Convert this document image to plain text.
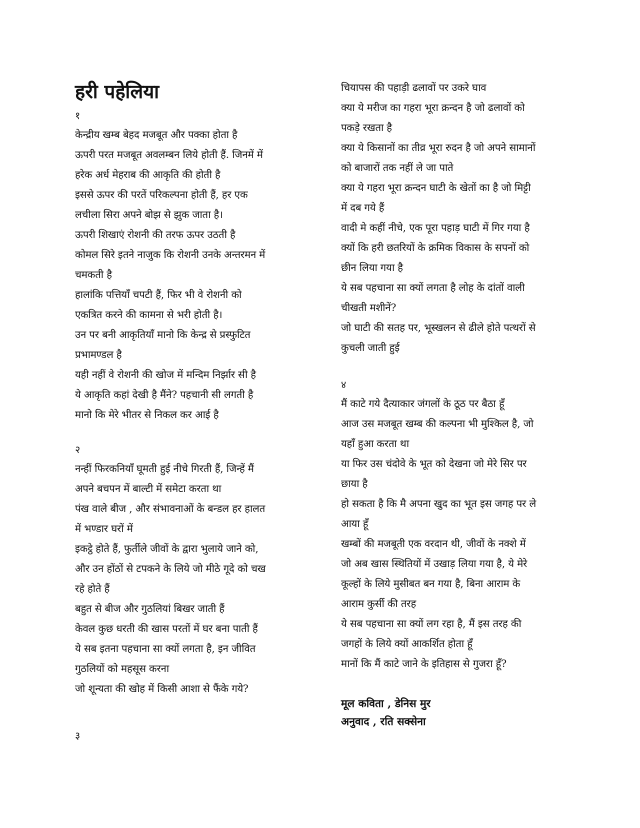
हरी पहेलिया
१
केन्द्रीय खम्ब बेहद मजबूत और पक्का होता है
ऊपरी परत मजबूत अवलम्बन लिये होती हैं. जिनमें में
हरेक अर्ध मेहराब की आकृति की होती है
इससे ऊपर की परतें परिकल्पना होती हैं, हर एक
लचीला सिरा अपने बोझ से झुक जाता है।
ऊपरी शिखाएं रोशनी की तरफ ऊपर उठती है
कोमल सिरे इतने नाजुक कि रोशनी उनके अन्तरमन में
चमकती है
हालांकि पत्तियाँ चपटी हैं, फिर भी वे रोशनी को
एकत्रित करने की कामना से भरी होती है।
उन पर बनी आकृतियाँ मानो कि केन्द्र से प्रस्फुटित
प्रभामण्डल है
यही नहीं वे रोशनी की खोज में मन्दिम निर्झार सी है
ये आकृति कहां देखी है मैंने? पहचानी सी लगती है
मानो कि मेरे भीतर से निकल कर आई है
२
नन्हीं फिरकनियाँ घूमती हुई नीचे गिरती हैं, जिन्हें मैं
अपने बचपन में बाल्टी में समेटा करता था
पंख वाले बीज , और संभावनाओं के बन्डल हर हालत
में भण्डार घरों में
इकट्ठे होते हैं, फुर्तीले जीवों के द्वारा भुलाये जाने को,
और उन होंठों से टपकने के लिये जो मीठे गूदे को चख
रहे होते हैं
बहुत से बीज और गुठलियां बिखर जाती हैं
केवल कुछ धरती की खास परतों में घर बना पाती हैं
ये सब इतना पहचाना सा क्यों लगता है, इन जीवित
गुठलियों को महसूस करना
जो शून्यता की खोह में किसी आशा से फैंके गये?
३
चियापस की पहाड़ी ढलावों पर उकरे घाव
क्या ये मरीज का गहरा भूरा क्रन्दन है जो ढलावों को
पकड़े रखता है
क्या ये किसानों का तीव्र भूरा रुदन है जो अपने सामानों
को बाजारों तक नहीं ले जा पाते
क्या ये गहरा भूरा क्रन्दन घाटी के खेतों का है जो मिट्टी
में दब गये हैं
वादी मे कहीं नीचे, एक पूरा पहाड़ घाटी में गिर गया है
क्यों कि हरी छतरियों के क्रमिक विकास के सपनों को
छीन लिया गया है
ये सब पहचाना सा क्यों लगता है लोह के दांतों वाली
चीखती मशीनें?
जो घाटी की सतह पर, भूस्खलन से ढीले होते पत्थरों से
कुचली जाती हुई
४
मैं काटे गये दैत्याकार जंगलों के ठूठ पर बैठा हूँ
आज उस मजबूत खम्ब की कल्पना भी मुश्किल है, जो
यहाँ हुआ करता था
या फिर उस चंदोवे के भूत को देखना जो मेरे सिर पर
छाया है
हो सकता है कि मै अपना खुद का भूत इस जगह पर ले
आया हूँ
खम्बों की मजबूती एक वरदान थी, जीवों के नक्शे में
जो अब खास स्थितियों में उखाड़ लिया गया है, ये मेरे
कूल्हों के लिये मुसीबत बन गया है, बिना आराम के
आराम कुर्सी की तरह
ये सब पहचाना सा क्यों लग रहा है, मैं इस तरह की
जगहों के लिये क्यों आकर्शित होता हूँ
मानों कि मैं काटे जाने के इतिहास से गुजरा हूँ?
मूल कविता , डेनिस मुर
अनुवाद , रति सक्सेना
